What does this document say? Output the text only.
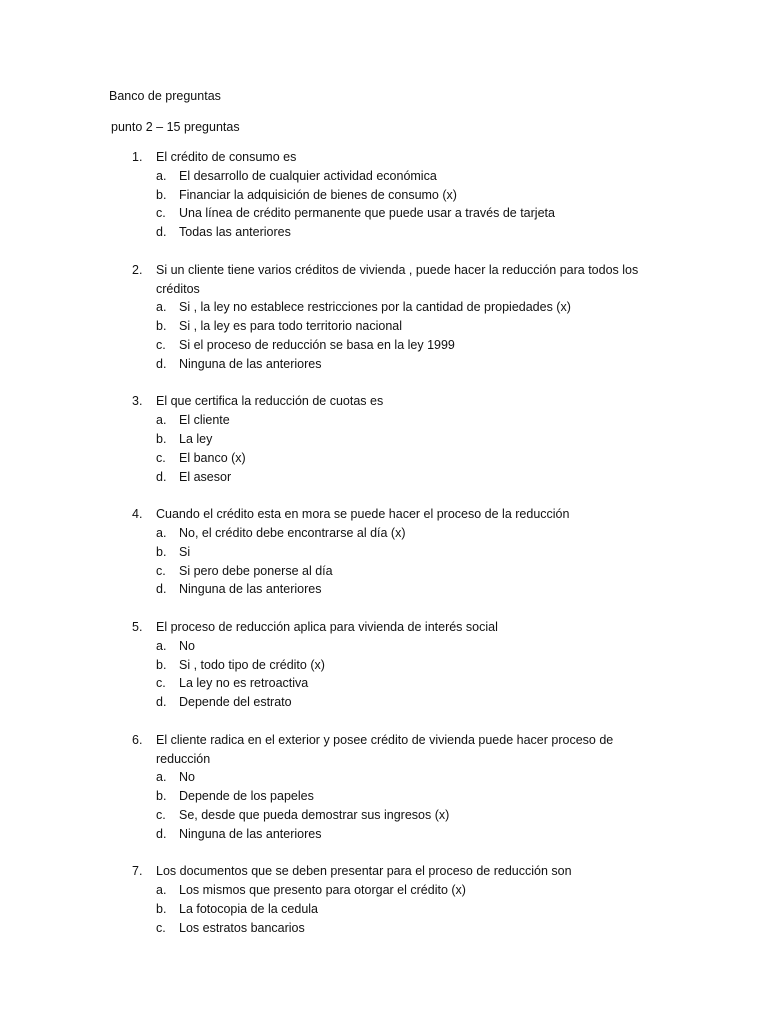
Banco de preguntas
punto 2 – 15 preguntas
1. El crédito de consumo es
a. El desarrollo de cualquier actividad económica
b. Financiar la adquisición de bienes de consumo (x)
c. Una línea de crédito permanente que puede usar a través de tarjeta
d. Todas las anteriores
2. Si un cliente tiene varios créditos de vivienda , puede hacer la reducción para todos los créditos
a. Si , la ley no establece restricciones por la cantidad de propiedades (x)
b. Si , la ley es para todo territorio nacional
c. Si el proceso de reducción se basa en la ley 1999
d. Ninguna de las anteriores
3. El que certifica la reducción de cuotas es
a. El cliente
b. La ley
c. El banco (x)
d. El asesor
4. Cuando el crédito esta en mora se puede hacer el proceso de la reducción
a. No, el crédito debe encontrarse al día (x)
b. Si
c. Si pero debe ponerse al día
d. Ninguna de las anteriores
5. El proceso de reducción aplica para vivienda de interés social
a. No
b. Si , todo tipo de crédito (x)
c. La ley no es retroactiva
d. Depende del estrato
6. El cliente radica en el exterior y posee crédito de vivienda puede hacer proceso de reducción
a. No
b. Depende de los papeles
c. Se, desde que pueda demostrar sus ingresos (x)
d. Ninguna de las anteriores
7. Los documentos que se deben presentar para el proceso de reducción son
a. Los mismos que presento para otorgar el crédito (x)
b. La fotocopia de la cedula
c. Los estratos bancarios
